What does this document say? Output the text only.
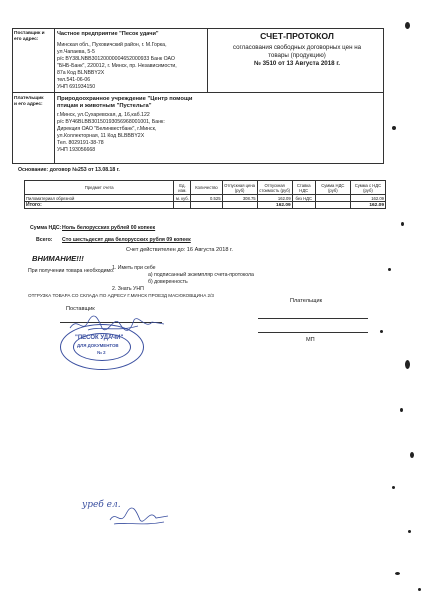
Поставщик и
его адрес:
Частное предприятие "Песок удачи"
Минская обл., Пуховичский район, г. М.Горка,
ул.Чапаева, 5-5
р/с BY38LNBB30120000004652000933 Банк ОАО
"БНБ-Банк", 220012, г. Минск, пр. Независимости,
87а Код BLNBBY2X
тел.541-06-06
УНП 691934150
СЧЕТ-ПРОТОКОЛ
согласования свободных договорных цен на
товары (продукцию)
№ 3510 от 13 Августа 2018 г.
Плательщик
и его адрес:
Природоохранное учреждение "Центр помощи
птицам и животным "Пустельга"
г.Минск, ул.Сухаревская, д. 16,каб.122
р/с BY46BLBB30150193056968001001, Банк:
Дирекция ОАО "Белинвестбанк", г.Минск,
ул.Коллекторная, 11 Код BLBBBY2X
Тел. 8029191-38-78
УНП 193056668
Основание: договор №253 от 13.08.18 г.
Предмет счета	Ед. изм.	Количество	Отпускная цена (руб)	Отпускная стоимость (руб)	Ставка НДС	Сумма НДС (руб)	Сумма с НДС (руб)
Пиломатериал обрезной	м. куб.	0.525	308.75	162.09	без НДС		162.09
Итого:				162.09			162.09
Сумма НДС: Ноль белорусских рублей 00 копеек
Всего: Сто шестьдесят два белорусских рубля 09 копеек
Счет действителен до: 16 Августа 2018 г.
ВНИМАНИЕ!!!
При получении товара необходимо:
1. Иметь при себе
а) подписанный экземпляр счета-протокола
б) доверенность
2. Знать УНП
ОТГРУЗКА ТОВАРА СО СКЛАДА ПО АДРЕСУ Г.МИНСК ПРОЕЗД МАСЮКОВЩИНА 2/3
Поставщик
Плательщик
МП
"ПЕСОК УДАЧИ"
ДЛЯ ДОКУМЕНТОВ
№ 2
уреб ел.
